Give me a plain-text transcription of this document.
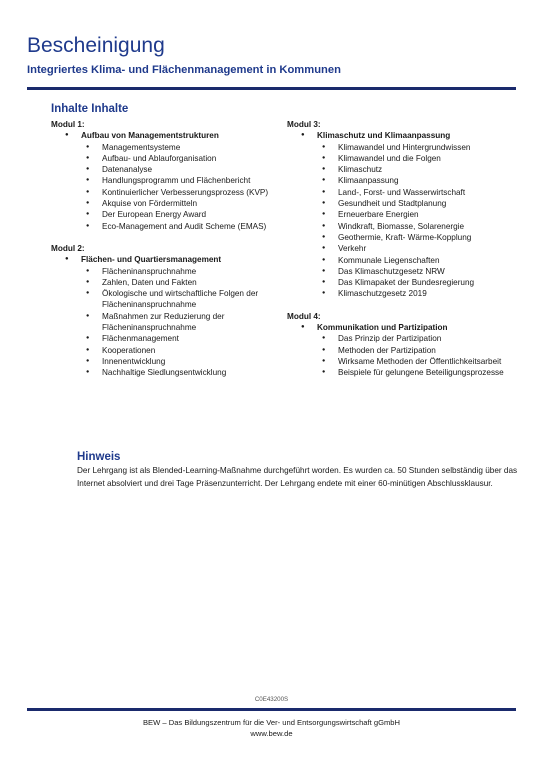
Bescheinigung
Integriertes Klima- und Flächenmanagement in Kommunen
Inhalte Inhalte
Modul 1:
● Aufbau von Managementstrukturen
● Managementsysteme
● Aufbau- und Ablauforganisation
● Datenanalyse
● Handlungsprogramm und Flächenbericht
● Kontinuierlicher Verbesserungsprozess (KVP)
● Akquise von Fördermitteln
● Der European Energy Award
● Eco-Management and Audit Scheme (EMAS)
Modul 2:
● Flächen- und Quartiersmanagement
● Flächeninanspruchnahme
● Zahlen, Daten und Fakten
● Ökologische und wirtschaftliche Folgen der Flächeninanspruchnahme
● Maßnahmen zur Reduzierung der Flächeninanspruchnahme
● Flächenmanagement
● Kooperationen
● Innenentwicklung
● Nachhaltige Siedlungsentwicklung
Modul 3:
● Klimaschutz und Klimaanpassung
● Klimawandel und Hintergrundwissen
● Klimawandel und die Folgen
● Klimaschutz
● Klimaanpassung
● Land-, Forst- und Wasserwirtschaft
● Gesundheit und Stadtplanung
● Erneuerbare Energien
● Windkraft, Biomasse, Solarenergie
● Geothermie, Kraft- Wärme-Kopplung
● Verkehr
● Kommunale Liegenschaften
● Das Klimaschutzgesetz NRW
● Das Klimapaket der Bundesregierung
● Klimaschutzgesetz 2019
Modul 4:
● Kommunikation und Partizipation
● Das Prinzip der Partizipation
● Methoden der Partizipation
● Wirksame Methoden der Öffentlichkeitsarbeit
● Beispiele für gelungene Beteiligungsprozesse
Hinweis
Der Lehrgang ist als Blended-Learning-Maßnahme durchgeführt worden. Es wurden ca. 50 Stunden selbständig über das Internet absolviert und drei Tage Präsenzunterricht. Der Lehrgang endete mit einer 60-minütigen Abschlussklausur.
C0E43200S
BEW – Das Bildungszentrum für die Ver- und Entsorgungswirtschaft gGmbH
www.bew.de
